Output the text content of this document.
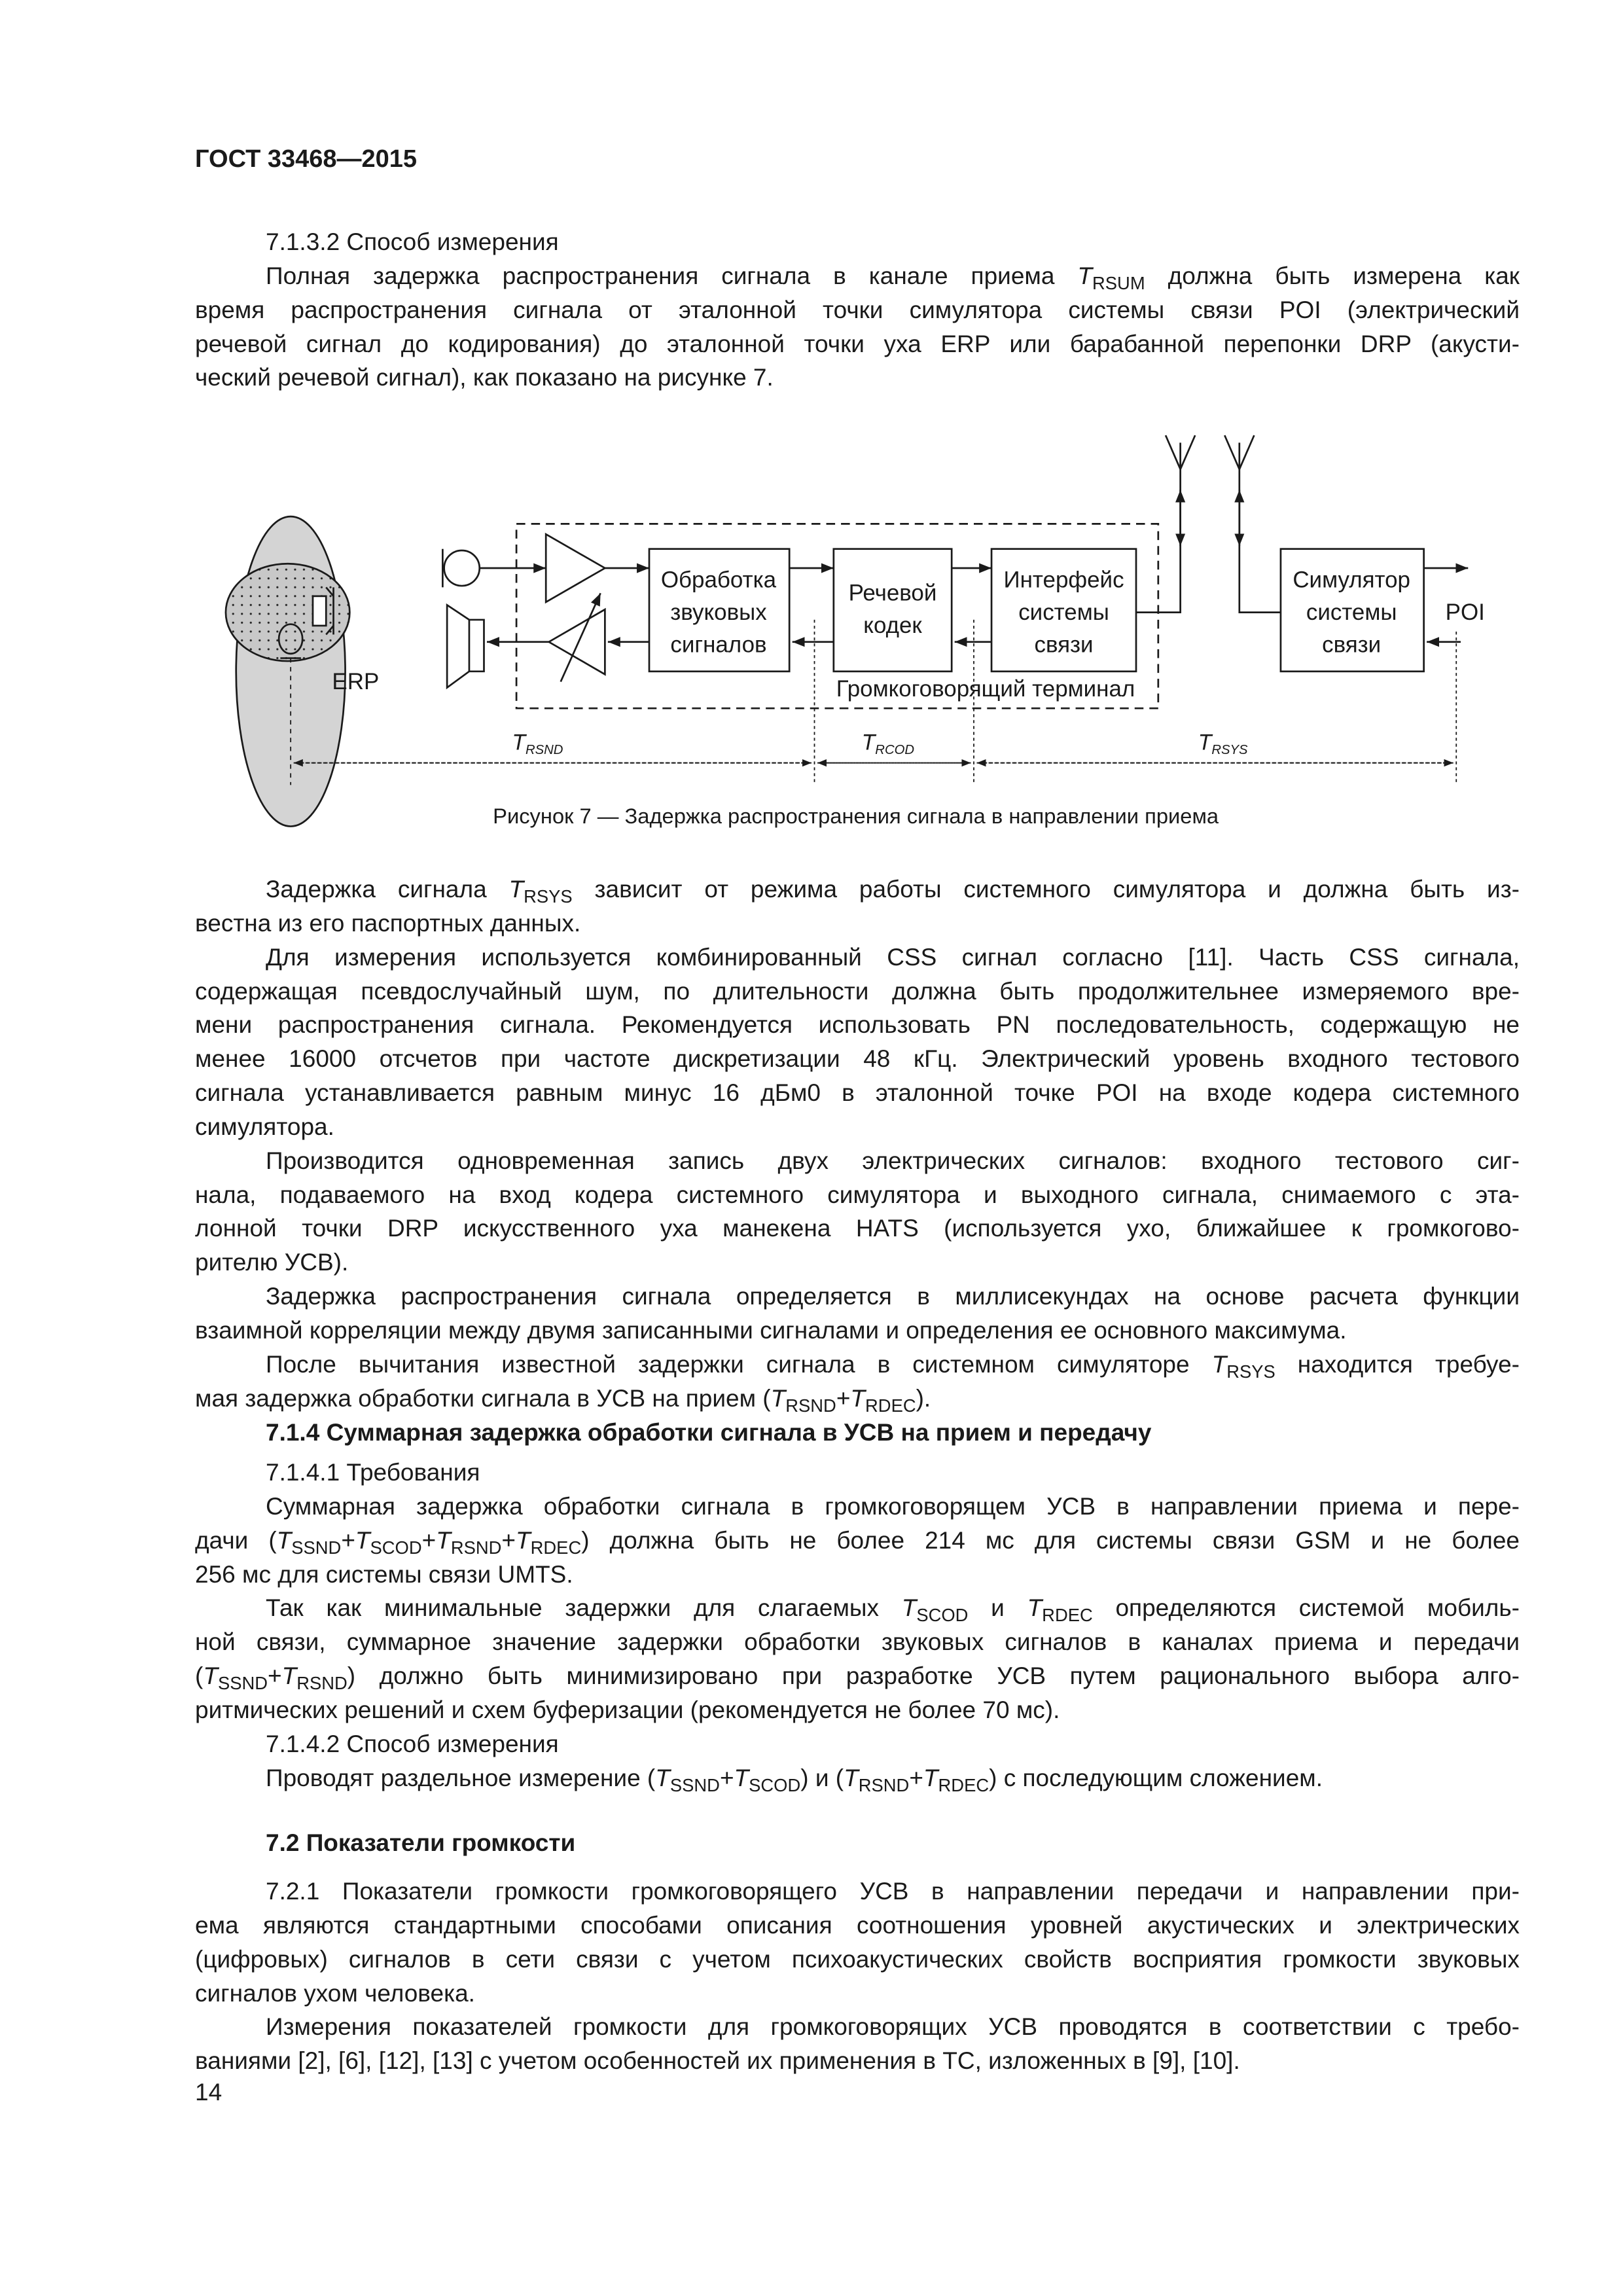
ГОСТ 33468—2015
ERP
POI
Обработка
звуковых
сигналов
Речевой
кодек
Интерфейс
системы
связи
Симулятор
системы
связи
Громкоговорящий терминал
$T_{RSND}$	$T_{RCOD}$	$T_{RSYS}$
Рисунок 7 — Задержка распространения сигнала в направлении приема
7.1.3.2 Способ измерения
Полная задержка распространения сигнала в канале приема $T_{RSUM}$ должна быть измерена как
время распространения сигнала от эталонной точки симулятора системы связи POI (электрический
речевой сигнал до кодирования) до эталонной точки уха ERP или барабанной перепонки DRP (акусти-
ческий речевой сигнал), как показано на рисунке 7.
Задержка сигнала $T_{RSYS}$ зависит от режима работы системного симулятора и должна быть из-
вестна из его паспортных данных.
Для измерения используется комбинированный CSS сигнал согласно [11]. Часть CSS сигнала,
содержащая псевдослучайный шум, по длительности должна быть продолжительнее измеряемого вре-
мени распространения сигнала. Рекомендуется использовать PN последовательность, содержащую не
менее 16000 отсчетов при частоте дискретизации 48 кГц. Электрический уровень входного тестового
сигнала устанавливается равным минус 16 дБм0 в эталонной точке POI на входе кодера системного
симулятора.
Производится одновременная запись двух электрических сигналов: входного тестового сиг-
нала, подаваемого на вход кодера системного симулятора и выходного сигнала, снимаемого с эта-
лонной точки DRP искусственного уха манекена HATS (используется ухо, ближайшее к громкогово-
рителю УСВ).
Задержка распространения сигнала определяется в миллисекундах на основе расчета функции
взаимной корреляции между двумя записанными сигналами и определения ее основного максимума.
После вычитания известной задержки сигнала в системном симуляторе $T_{RSYS}$ находится требуе-
мая задержка обработки сигнала в УСВ на прием $(T_{RSND}+T_{RDEC})$.
7.1.4 Суммарная задержка обработки сигнала в УСВ на прием и передачу
7.1.4.1 Требования
Суммарная задержка обработки сигнала в громкоговорящем УСВ в направлении приема и пере-
дачи $(T_{SSND}+T_{SCOD}+T_{RSND}+T_{RDEC})$ должна быть не более 214 мс для системы связи GSM и не более
256 мс для системы связи UMTS.
Так как минимальные задержки для слагаемых $T_{SCOD}$ и $T_{RDEC}$ определяются системой мобиль-
ной связи, суммарное значение задержки обработки звуковых сигналов в каналах приема и передачи
$(T_{SSND}+T_{RSND})$ должно быть минимизировано при разработке УСВ путем рационального выбора алго-
ритмических решений и схем буферизации (рекомендуется не более 70 мс).
7.1.4.2 Способ измерения
Проводят раздельное измерение $(T_{SSND}+T_{SCOD})$ и $(T_{RSND}+T_{RDEC})$ с последующим сложением.
7.2 Показатели громкости
7.2.1 Показатели громкости громкоговорящего УСВ в направлении передачи и направлении при-
ема являются стандартными способами описания соотношения уровней акустических и электрических
(цифровых) сигналов в сети связи с учетом психоакустических свойств восприятия громкости звуковых
сигналов ухом человека.
Измерения показателей громкости для громкоговорящих УСВ проводятся в соответствии с требо-
ваниями [2], [6], [12], [13] с учетом особенностей их применения в ТС, изложенных в [9], [10].
14
